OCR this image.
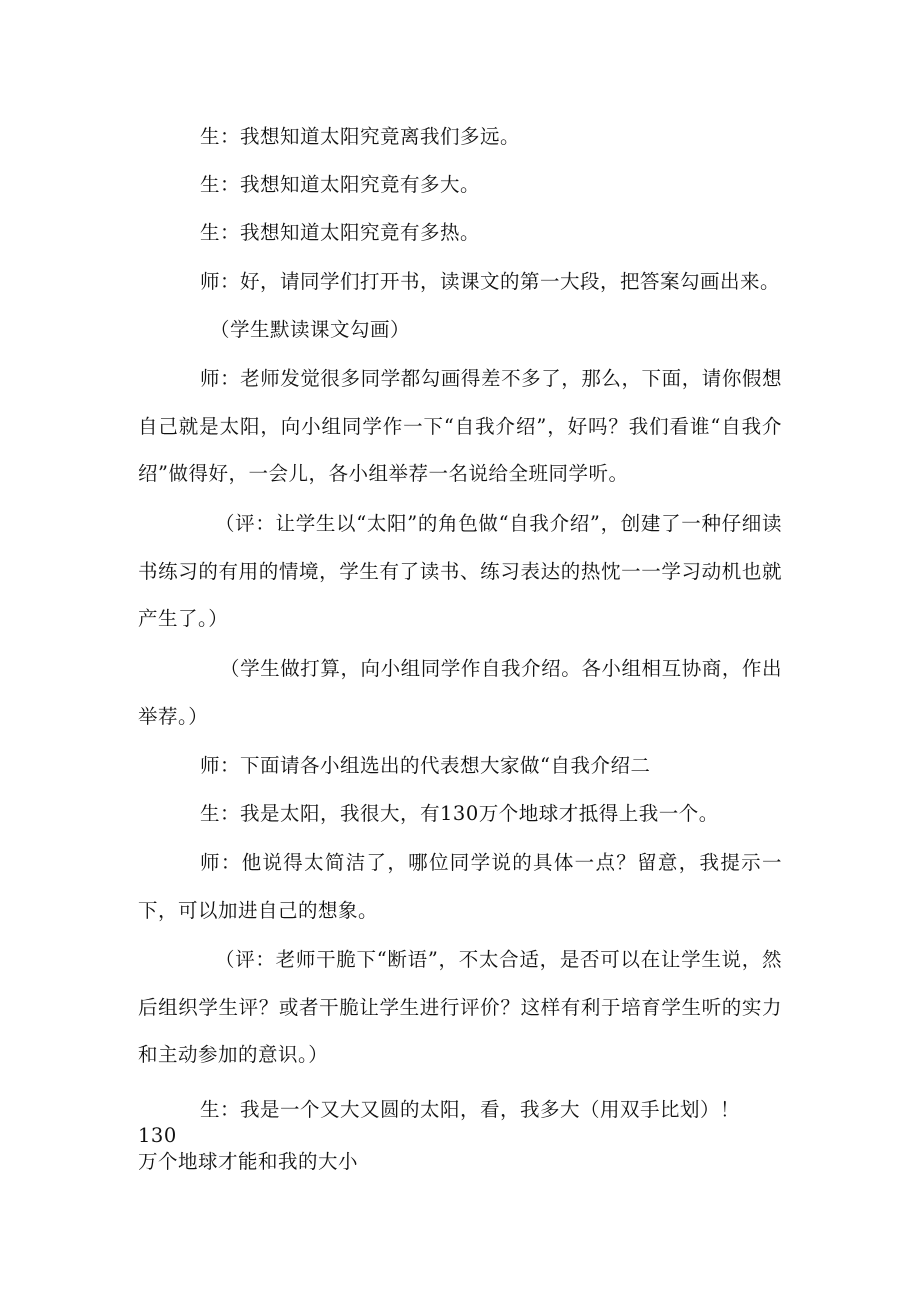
生：我想知道太阳究竟离我们多远。

生：我想知道太阳究竟有多大。

生：我想知道太阳究竟有多热。

师：好，请同学们打开书，读课文的第一大段，把答案勾画出来。

（学生默读课文勾画）

师：老师发觉很多同学都勾画得差不多了，那么，下面，请你假想自己就是太阳，向小组同学作一下“自我介绍”，好吗？我们看谁“自我介绍”做得好，一会儿，各小组举荐一名说给全班同学听。

（评：让学生以“太阳”的角色做“自我介绍”，创建了一种仔细读书练习的有用的情境，学生有了读书、练习表达的热忱一一学习动机也就产生了。）

（学生做打算，向小组同学作自我介绍。各小组相互协商，作出举荐。）

师：下面请各小组选出的代表想大家做“自我介绍二

生：我是太阳，我很大，有130万个地球才抵得上我一个。

师：他说得太简洁了，哪位同学说的具体一点？留意，我提示一下，可以加进自己的想象。

（评：老师干脆下“断语”，不太合适，是否可以在让学生说，然后组织学生评？或者干脆让学生进行评价？这样有利于培育学生听的实力和主动参加的意识。）

生：我是一个又大又圆的太阳，看，我多大（用双手比划）！130
万个地球才能和我的大小
